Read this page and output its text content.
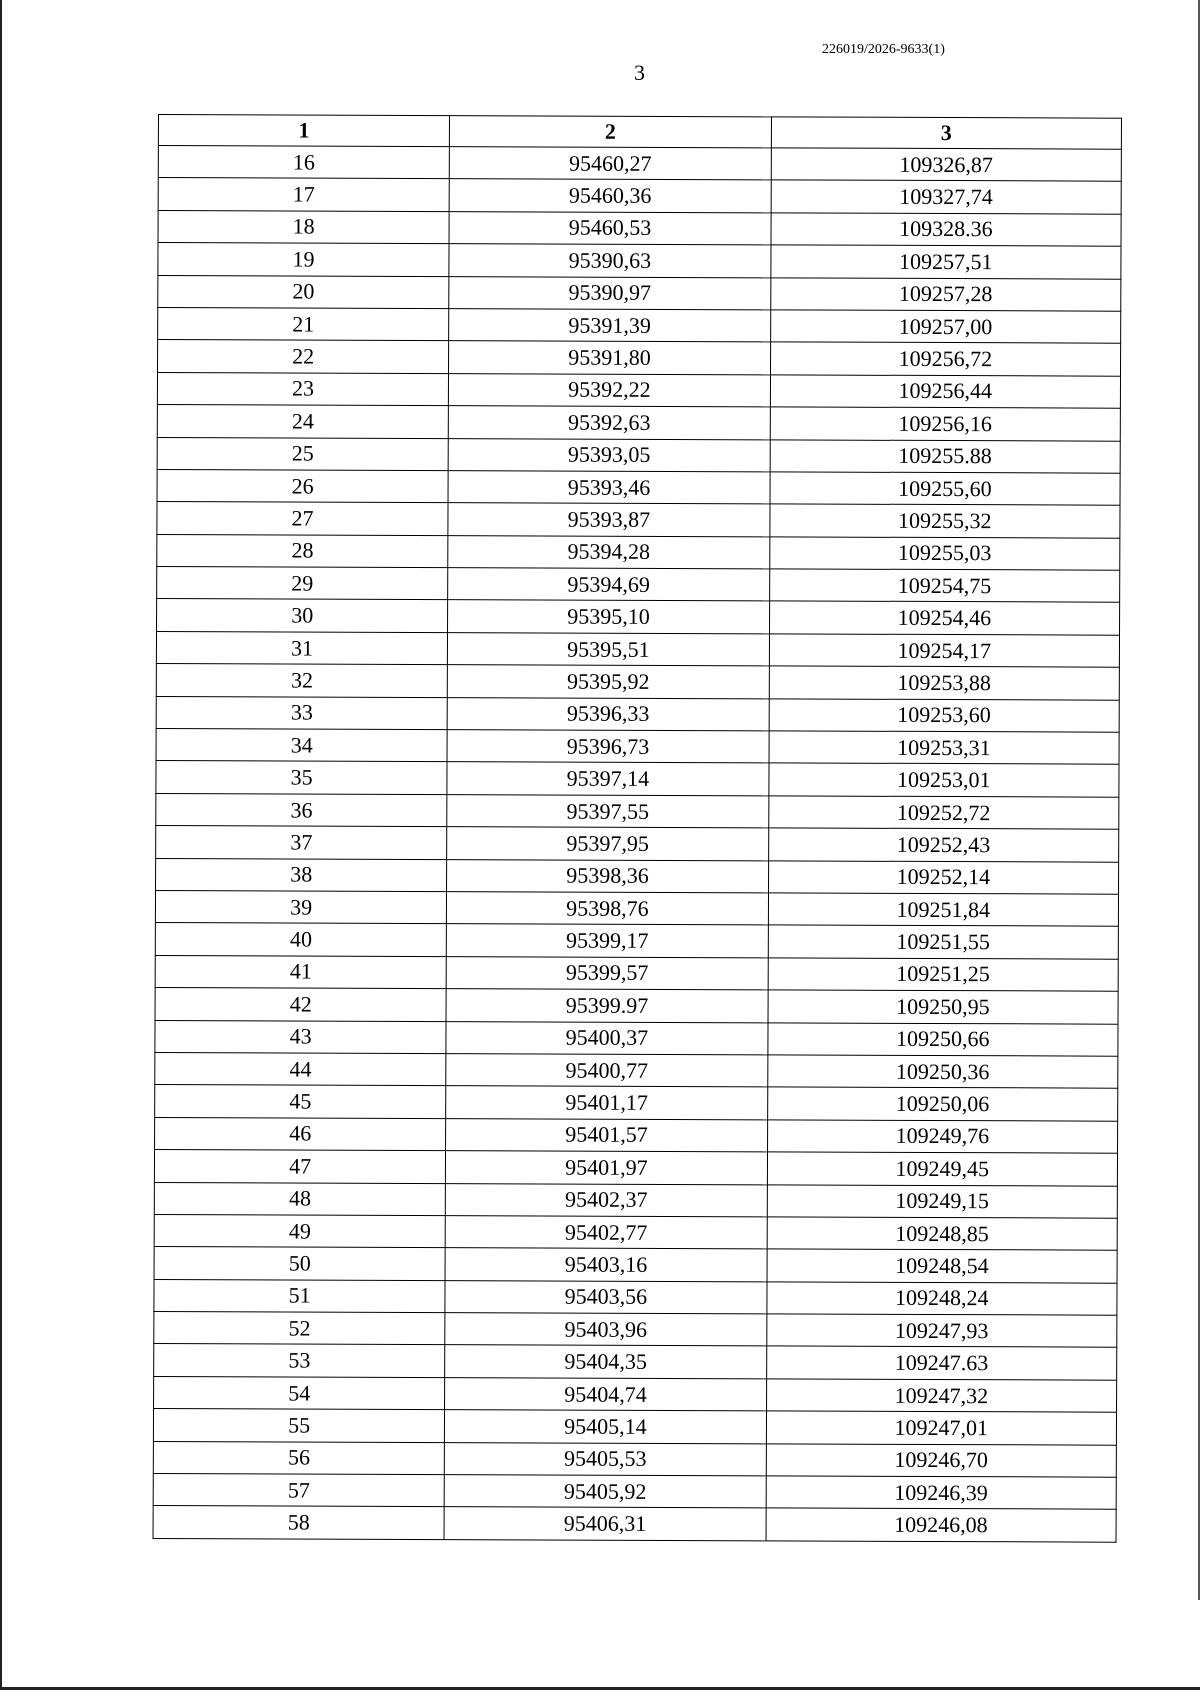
226019/2026-9633(1)
3
1	2	3
16	95460,27	109326,87
17	95460,36	109327,74
18	95460,53	109328.36
19	95390,63	109257,51
20	95390,97	109257,28
21	95391,39	109257,00
22	95391,80	109256,72
23	95392,22	109256,44
24	95392,63	109256,16
25	95393,05	109255.88
26	95393,46	109255,60
27	95393,87	109255,32
28	95394,28	109255,03
29	95394,69	109254,75
30	95395,10	109254,46
31	95395,51	109254,17
32	95395,92	109253,88
33	95396,33	109253,60
34	95396,73	109253,31
35	95397,14	109253,01
36	95397,55	109252,72
37	95397,95	109252,43
38	95398,36	109252,14
39	95398,76	109251,84
40	95399,17	109251,55
41	95399,57	109251,25
42	95399.97	109250,95
43	95400,37	109250,66
44	95400,77	109250,36
45	95401,17	109250,06
46	95401,57	109249,76
47	95401,97	109249,45
48	95402,37	109249,15
49	95402,77	109248,85
50	95403,16	109248,54
51	95403,56	109248,24
52	95403,96	109247,93
53	95404,35	109247.63
54	95404,74	109247,32
55	95405,14	109247,01
56	95405,53	109246,70
57	95405,92	109246,39
58	95406,31	109246,08
